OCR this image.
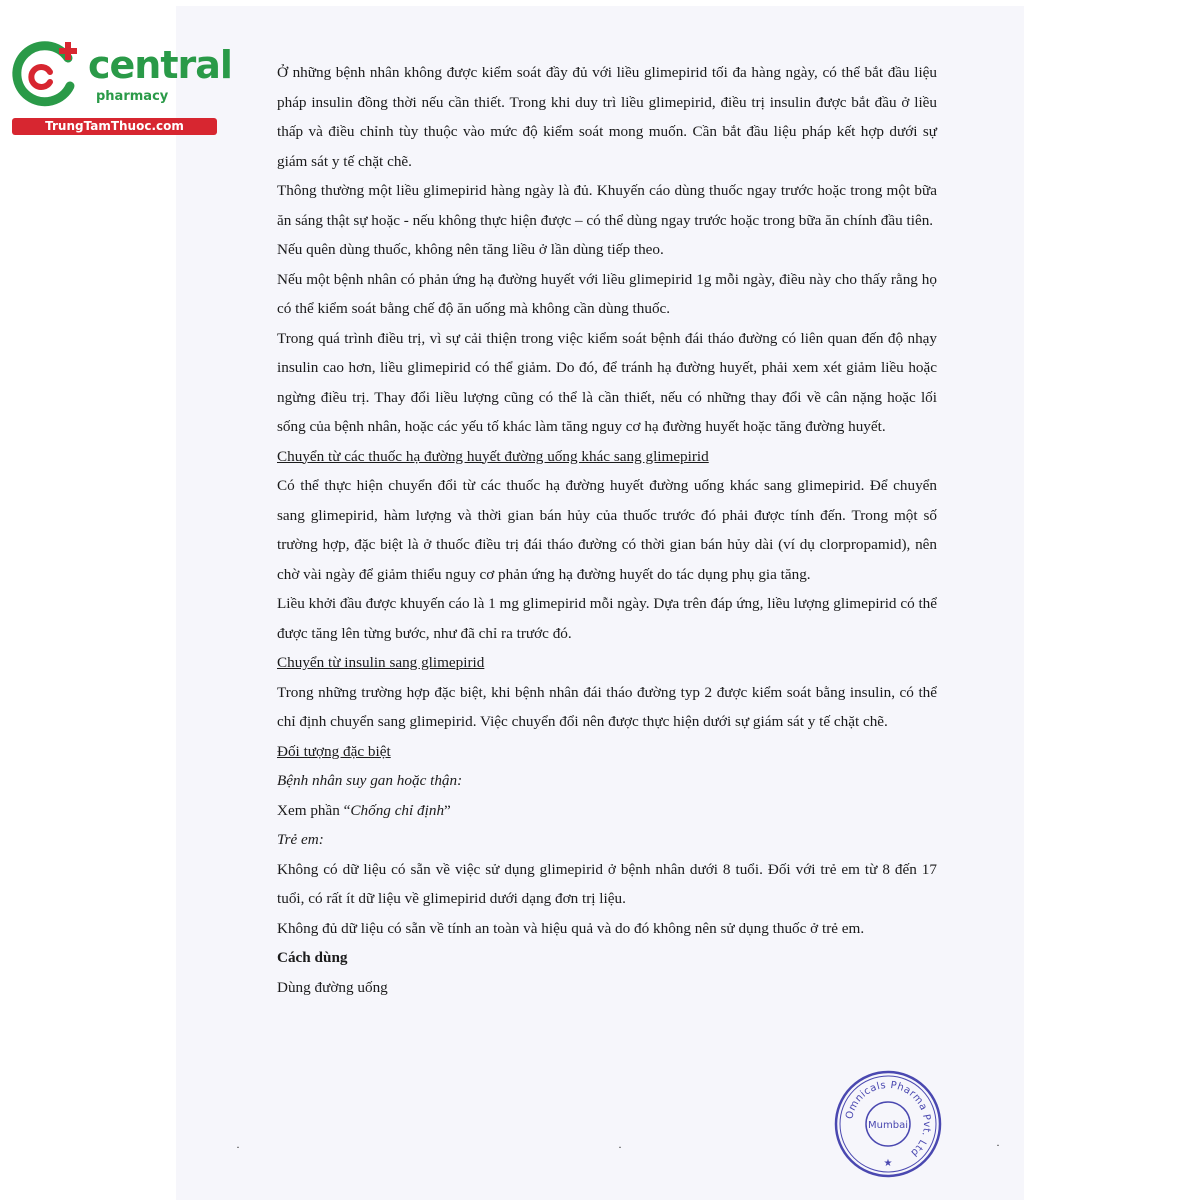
central
pharmacy
TrungTamThuoc.com

Ở những bệnh nhân không được kiểm soát đầy đủ với liều glimepirid tối đa hàng ngày, có thể bắt đầu liệu pháp insulin đồng thời nếu cần thiết. Trong khi duy trì liều glimepirid, điều trị insulin được bắt đầu ở liều thấp và điều chỉnh tùy thuộc vào mức độ kiểm soát mong muốn. Cần bắt đầu liệu pháp kết hợp dưới sự giám sát y tế chặt chẽ.

Thông thường một liều glimepirid hàng ngày là đủ. Khuyến cáo dùng thuốc ngay trước hoặc trong một bữa ăn sáng thật sự hoặc - nếu không thực hiện được – có thể dùng ngay trước hoặc trong bữa ăn chính đầu tiên.

Nếu quên dùng thuốc, không nên tăng liều ở lần dùng tiếp theo.

Nếu một bệnh nhân có phản ứng hạ đường huyết với liều glimepirid 1g mỗi ngày, điều này cho thấy rằng họ có thể kiểm soát bằng chế độ ăn uống mà không cần dùng thuốc.

Trong quá trình điều trị, vì sự cải thiện trong việc kiểm soát bệnh đái tháo đường có liên quan đến độ nhạy insulin cao hơn, liều glimepirid có thể giảm. Do đó, để tránh hạ đường huyết, phải xem xét giảm liều hoặc ngừng điều trị. Thay đổi liều lượng cũng có thể là cần thiết, nếu có những thay đổi về cân nặng hoặc lối sống của bệnh nhân, hoặc các yếu tố khác làm tăng nguy cơ hạ đường huyết hoặc tăng đường huyết.

Chuyển từ các thuốc hạ đường huyết đường uống khác sang glimepirid

Có thể thực hiện chuyển đổi từ các thuốc hạ đường huyết đường uống khác sang glimepirid. Để chuyển sang glimepirid, hàm lượng và thời gian bán hủy của thuốc trước đó phải được tính đến. Trong một số trường hợp, đặc biệt là ở thuốc điều trị đái tháo đường có thời gian bán hủy dài (ví dụ clorpropamid), nên chờ vài ngày để giảm thiểu nguy cơ phản ứng hạ đường huyết do tác dụng phụ gia tăng.

Liều khởi đầu được khuyến cáo là 1 mg glimepirid mỗi ngày. Dựa trên đáp ứng, liều lượng glimepirid có thể được tăng lên từng bước, như đã chỉ ra trước đó.

Chuyển từ insulin sang glimepirid

Trong những trường hợp đặc biệt, khi bệnh nhân đái tháo đường typ 2 được kiểm soát bằng insulin, có thể chỉ định chuyển sang glimepirid. Việc chuyển đổi nên được thực hiện dưới sự giám sát y tế chặt chẽ.

Đối tượng đặc biệt

Bệnh nhân suy gan hoặc thận:

Xem phần “Chống chỉ định”

Trẻ em:

Không có dữ liệu có sẵn về việc sử dụng glimepirid ở bệnh nhân dưới 8 tuổi. Đối với trẻ em từ 8 đến 17 tuổi, có rất ít dữ liệu về glimepirid dưới dạng đơn trị liệu.

Không đủ dữ liệu có sẵn về tính an toàn và hiệu quả và do đó không nên sử dụng thuốc ở trẻ em.

Cách dùng

Dùng đường uống

Omnicals Pharma Pvt. Ltd
Mumbai
★
·	·	·
